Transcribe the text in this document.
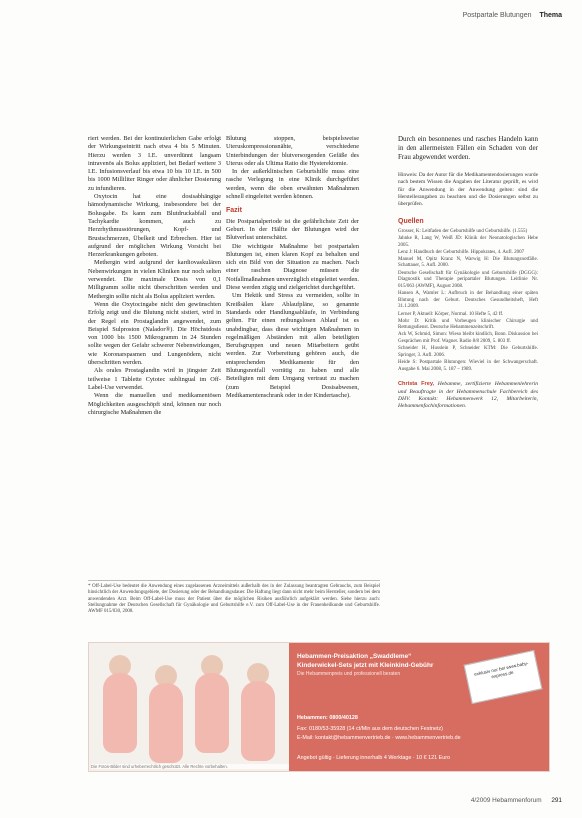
Postpartale Blutungen Thema

riert werden. Bei der kontinuierlichen Gabe erfolgt der Wirkungseintritt nach etwa 4 bis 5 Minuten. Hierzu werden 3 I.E. unverdünnt langsam intravenös als Bolus appliziert, bei Bedarf weitere 3 I.E. Infusionsverlauf bis etwa 10 bis 10 I.E. in 500 bis 1000 Milliliter Ringer oder ähnlicher Dosierung zu infundieren.

Oxytocin hat eine dosisabhängige hämodynamische Wirkung, insbesondere bei der Bolusgabe. Es kann zum Blutdruckabfall und Tachykardie kommen, auch zu Herzrhythmusstörungen, Kopf- und Brustschmerzen, Übelkeit und Erbrechen. Hier ist aufgrund der möglichen Wirkung Vorsicht bei Herzerkrankungen geboten.

Methergin wird aufgrund der kardiovaskulären Nebenwirkungen in vielen Kliniken nur noch selten verwendet. Die maximale Dosis von 0,1 Milligramm sollte nicht überschritten werden und Methergin sollte nicht als Bolus appliziert werden.

Wenn die Oxytocingabe nicht den gewünschten Erfolg zeigt und die Blutung nicht sistiert, wird in der Regel ein Prostaglandin angewendet, zum Beispiel Sulproston (Nalador®). Die Höchstdosis von 1000 bis 1500 Mikrogramm in 24 Stunden sollte wegen der Gefahr schwerer Nebenwirkungen, wie Koronarspasmen und Lungenödem, nicht überschritten werden.

Als orales Prostaglandin wird in jüngster Zeit teilweise 1 Tablette Cytotec sublingual im Off-Label-Use verwendet.

Wenn die manuellen und medikamentösen Möglichkeiten ausgeschöpft sind, können nur noch chirurgische Maßnahmen die

Blutung stoppen, beispielsweise Uteruskompressionsnähte, verschiedene Unterbindungen der blutversorgenden Gefäße des Uterus oder als Ultima Ratio die Hysterektomie.

In der außerklinischen Geburtshilfe muss eine rasche Verlegung in eine Klinik durchgeführt werden, wenn die oben erwähnten Maßnahmen schnell eingeleitet werden können.

Fazit

Die Postpartalperiode ist die gefährlichste Zeit der Geburt. In der Hälfte der Blutungen wird der Blutverlust unterschätzt.

Die wichtigste Maßnahme bei postpartalen Blutungen ist, einen klaren Kopf zu behalten und sich ein Bild von der Situation zu machen. Nach einer raschen Diagnose müssen die Notfallmaßnahmen unverzüglich eingeleitet werden. Diese werden zügig und zielgerichtet durchgeführt.

Um Hektik und Stress zu vermeiden, sollte in Kreißsälen klare Ablaufpläne, so genannte Standards oder Handlungsabläufe, in Verbindung gelten. Für einen reibungslosen Ablauf ist es unabdingbar, dass diese wichtigen Maßnahmen in regelmäßigen Abständen mit allen beteiligten Berufsgruppen und neuen Mitarbeitern geübt werden. Zur Vorbereitung gehören auch, die entsprechenden Medikamente für den Blutungsnotfall vorrätig zu haben und alle Beteiligten mit dem Umgang vertraut zu machen (zum Beispiel Dosisabwesen, Medikamentenschrank oder in der Kindertasche).

Durch ein besonnenes und rasches Handeln kann in den allermeisten Fällen ein Schaden von der Frau abgewendet werden.

Hinweis: Da der Autor für die Medikamentendosierungen wurde nach bestem Wissen die Angaben der Literatur geprüft, es wird für die Anwendung in der Anwendung gelten: sind die Herstellerangaben zu beachten und die Dosierungen selbst zu überprüfen.

Quellen
Grosser, K: Leitfaden der Geburtshilfe und Geburtshilfe. (1.555)
Jahnke R, Lang W, Weiß JD: Klinik der Neonatologischen Hebe 2005.
Lenz J: Handbuch der Geburtshilfe. Hippokrates, 4. Aufl. 2007
Manuel M, Opitz Kranz N, Warwig H: Die Blutungsnotfälle. Schattauer, 5. Aufl. 2000.
Deutsche Gesellschaft für Gynäkologie und Geburtshilfe (DGGG): Diagnostik und Therapie peripartaler Blutungen. Leitlinie Nr. 015/063 (AWMF), August 2008.
Hansen A, Wamler L: Aufbruch in der Behandlung einer späten Blutung nach der Geburt. Deutsches Gesundheitsheft, Heft 31.1.2009.
Lerner P, Aktuell: Körper, Normal. 10 Hefte 5, 42 ff.
Mohr D: Kritik und Vorbeugen klinischer Chirurgie und Rettungsdienst. Deutsche Hebammenzeitschrift.
Ack W, Schmid, Simon: Wieso bleibt kindlich, Bonn. Diskussion bei Gesprächen mit Prof. Wagner. Radio 8/8 2009, 5. 803 ff.
Schneider H, Husslein P, Schneider KTM: Die Geburtshilfe. Springer, 3. Aufl. 2006.
Heide S: Postpartale Blutungen: Wieviel in der Schwangerschaft. Ausgabe 6. Mai 2008, 5. 187 – 1989.
Christa Frey, Hebamme, zertifizierte Hebammenlehrerin und Beauftragte in der Hebammenschule Fachbereich des DHV. Kontakt: Hebammenwerk 12, Mitarbeiterin, Hebammenfachinformationen.
* Off-Label-Use bedeutet die Anwendung eines zugelassenen Arzneimittels außerhalb des in der Zulassung beantragten Gebrauchs, zum Beispiel hinsichtlich der Anwendungsgebiete, der Dosierung oder der Behandlungsdauer. Die Haftung liegt dann nicht mehr beim Hersteller, sondern bei dem anwendenden Arzt. Beim Off-Label-Use muss der Patient über die möglichen Risiken ausführlich aufgeklärt werden. Siehe hierzu auch: Stellungnahme der Deutschen Gesellschaft für Gynäkologie und Geburtshilfe e.V. zum Off-Label-Use in der Frauenheilkunde und Geburtshilfe. AWMF 015/030, 2008.
Die Fotos-Bilder sind urheberrechtlich geschützt. Alle Rechte vorbehalten.
Hebammen-Preisaktion „Swaddleme“
Kinderwickel-Sets jetzt mit Kleinkind-Gebühr
Die Hebammenpreis und professionell beraten
Hebammen: 0800/40128
Fax: 0180/53-35928 (14 ct/Min aus dem deutschen Festnetz)
E-Mail: kontakt@hebammenvertrieb.de · www.hebammenvertrieb.de
Angebot gültig · Lieferung innerhalb 4 Werktage · 10 € 121 Euro
exklusiv nur bei www.baby-express.de
4/2009 Hebammenforum 291
